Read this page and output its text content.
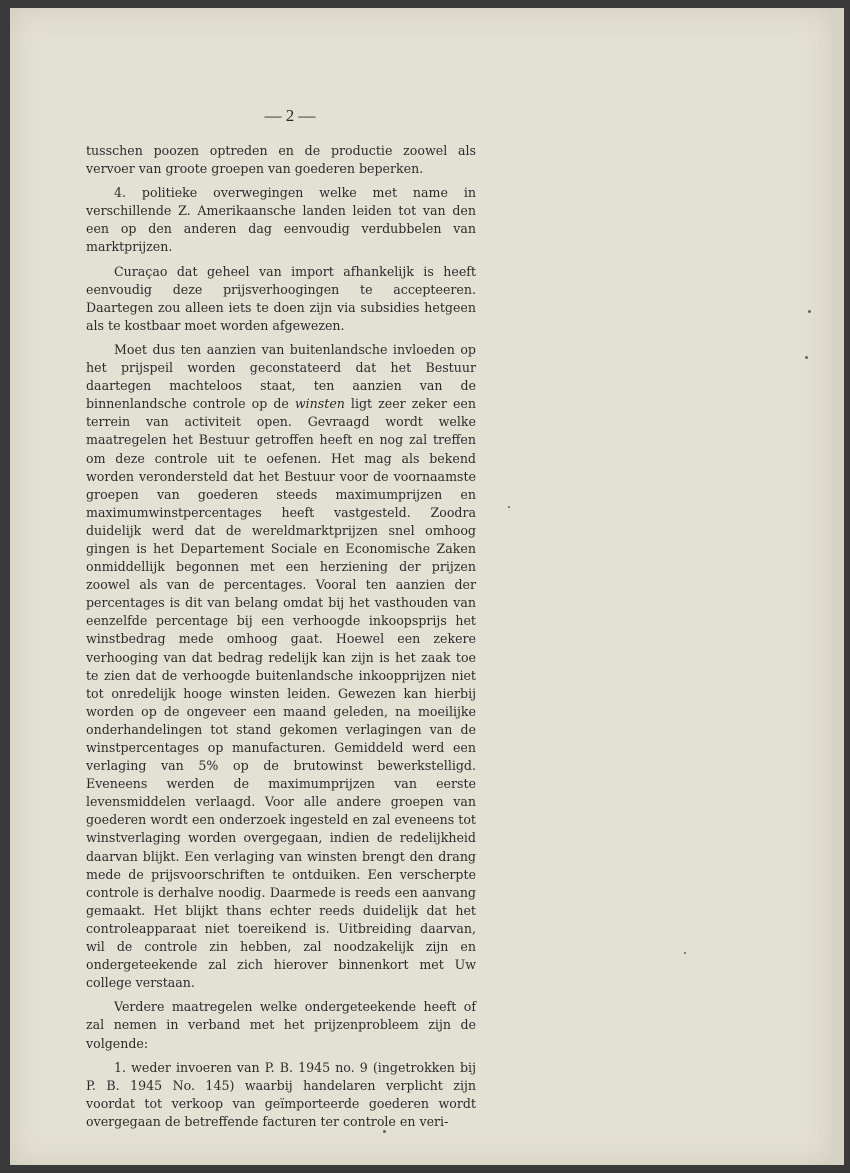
— 2 —

tusschen poozen optreden en de productie zoowel als vervoer van groote groepen van goederen beperken.

4. politieke overwegingen welke met name in verschillende Z. Amerikaansche landen leiden tot van den een op den anderen dag eenvoudig verdubbelen van marktprijzen.

Curaçao dat geheel van import afhankelijk is heeft eenvoudig deze prijsverhoogingen te accepteeren. Daartegen zou alleen iets te doen zijn via subsidies hetgeen als te kostbaar moet worden afgewezen.

Moet dus ten aanzien van buitenlandsche invloeden op het prijspeil worden geconstateerd dat het Bestuur daartegen machteloos staat, ten aanzien van de binnenlandsche controle op de winsten ligt zeer zeker een terrein van activiteit open. Gevraagd wordt welke maatregelen het Bestuur getroffen heeft en nog zal treffen om deze controle uit te oefenen. Het mag als bekend worden verondersteld dat het Bestuur voor de voornaamste groepen van goederen steeds maximumprijzen en maximumwinstpercentages heeft vastgesteld. Zoodra duidelijk werd dat de wereldmarktprijzen snel omhoog gingen is het Departement Sociale en Economische Zaken onmiddellijk begonnen met een herziening der prijzen zoowel als van de percentages. Vooral ten aanzien der percentages is dit van belang omdat bij het vasthouden van eenzelfde percentage bij een verhoogde inkoopsprijs het winstbedrag mede omhoog gaat. Hoewel een zekere verhooging van dat bedrag redelijk kan zijn is het zaak toe te zien dat de verhoogde buitenlandsche inkoopprijzen niet tot onredelijk hooge winsten leiden. Gewezen kan hierbij worden op de ongeveer een maand geleden, na moeilijke onderhandelingen tot stand gekomen verlagingen van de winstpercentages op manufacturen. Gemiddeld werd een verlaging van 5% op de brutowinst bewerkstelligd. Eveneens werden de maximumprijzen van eerste levensmiddelen verlaagd. Voor alle andere groepen van goederen wordt een onderzoek ingesteld en zal eveneens tot winstverlaging worden overgegaan, indien de redelijkheid daarvan blijkt. Een verlaging van winsten brengt den drang mede de prijsvoorschriften te ontduiken. Een verscherpte controle is derhalve noodig. Daarmede is reeds een aanvang gemaakt. Het blijkt thans echter reeds duidelijk dat het controleapparaat niet toereikend is. Uitbreiding daarvan, wil de controle zin hebben, zal noodzakelijk zijn en ondergeteekende zal zich hierover binnenkort met Uw college verstaan.

Verdere maatregelen welke ondergeteekende heeft of zal nemen in verband met het prijzenprobleem zijn de volgende:

1. weder invoeren van P. B. 1945 no. 9 (ingetrokken bij P. B. 1945 No. 145) waarbij handelaren verplicht zijn voordat tot verkoop van geïmporteerde goederen wordt overgegaan de betreffende facturen ter controle en veri-
